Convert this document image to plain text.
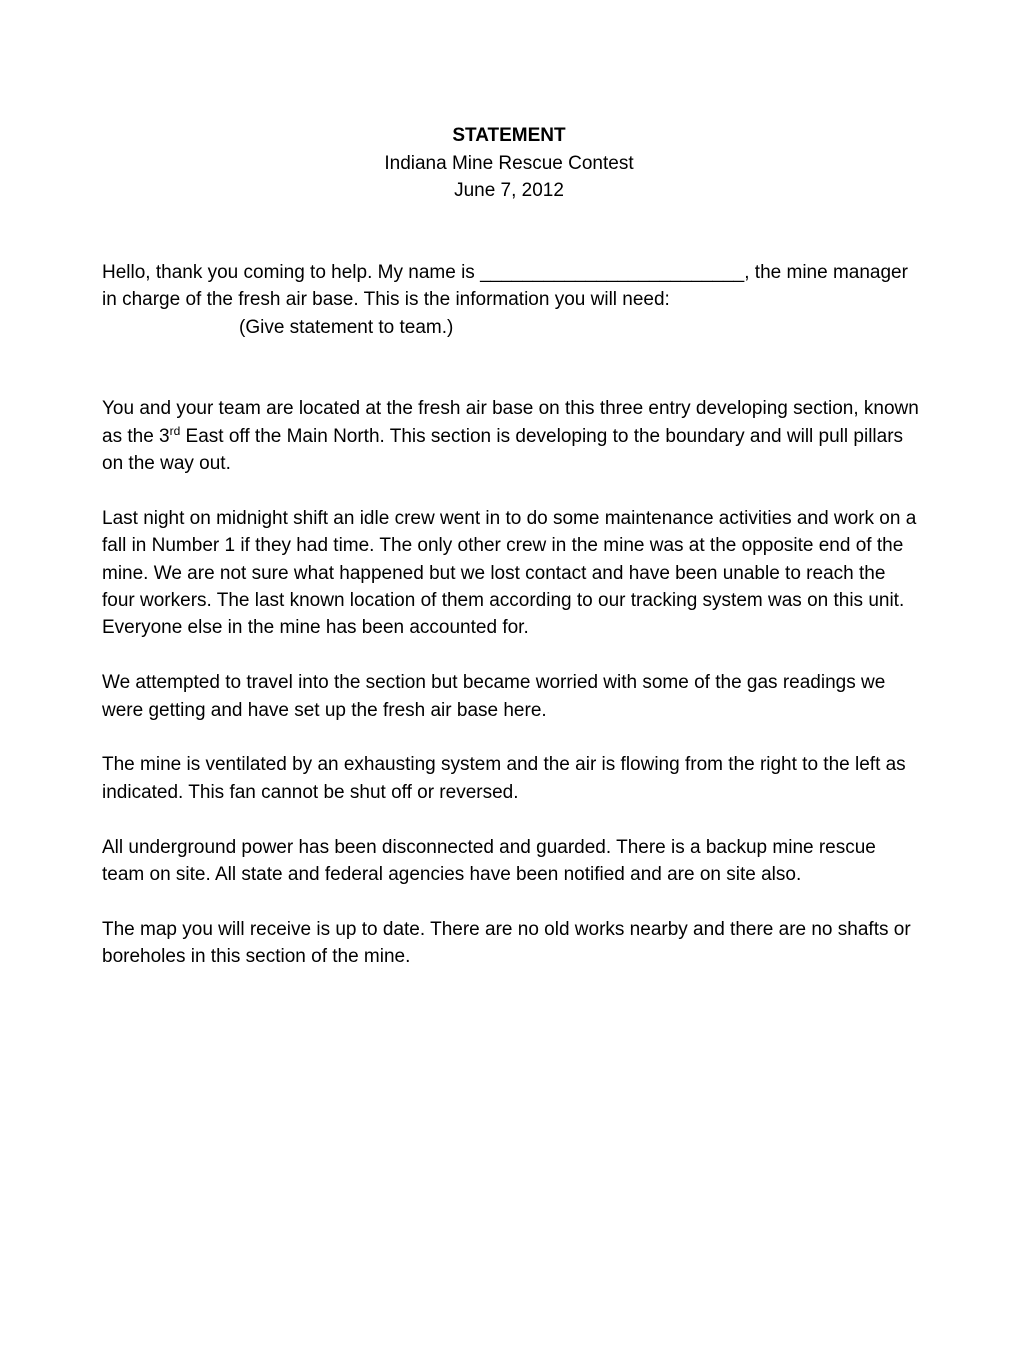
STATEMENT
Indiana Mine Rescue Contest
June 7, 2012

Hello, thank you coming to help. My name is _________________________, the mine manager in charge of the fresh air base. This is the information you will need:

(Give statement to team.)

You and your team are located at the fresh air base on this three entry developing section, known as the 3rd East off the Main North. This section is developing to the boundary and will pull pillars on the way out.

Last night on midnight shift an idle crew went in to do some maintenance activities and work on a fall in Number 1 if they had time. The only other crew in the mine was at the opposite end of the mine. We are not sure what happened but we lost contact and have been unable to reach the four workers. The last known location of them according to our tracking system was on this unit. Everyone else in the mine has been accounted for.

We attempted to travel into the section but became worried with some of the gas readings we were getting and have set up the fresh air base here.

The mine is ventilated by an exhausting system and the air is flowing from the right to the left as indicated. This fan cannot be shut off or reversed.

All underground power has been disconnected and guarded. There is a backup mine rescue team on site. All state and federal agencies have been notified and are on site also.

The map you will receive is up to date. There are no old works nearby and there are no shafts or boreholes in this section of the mine.
